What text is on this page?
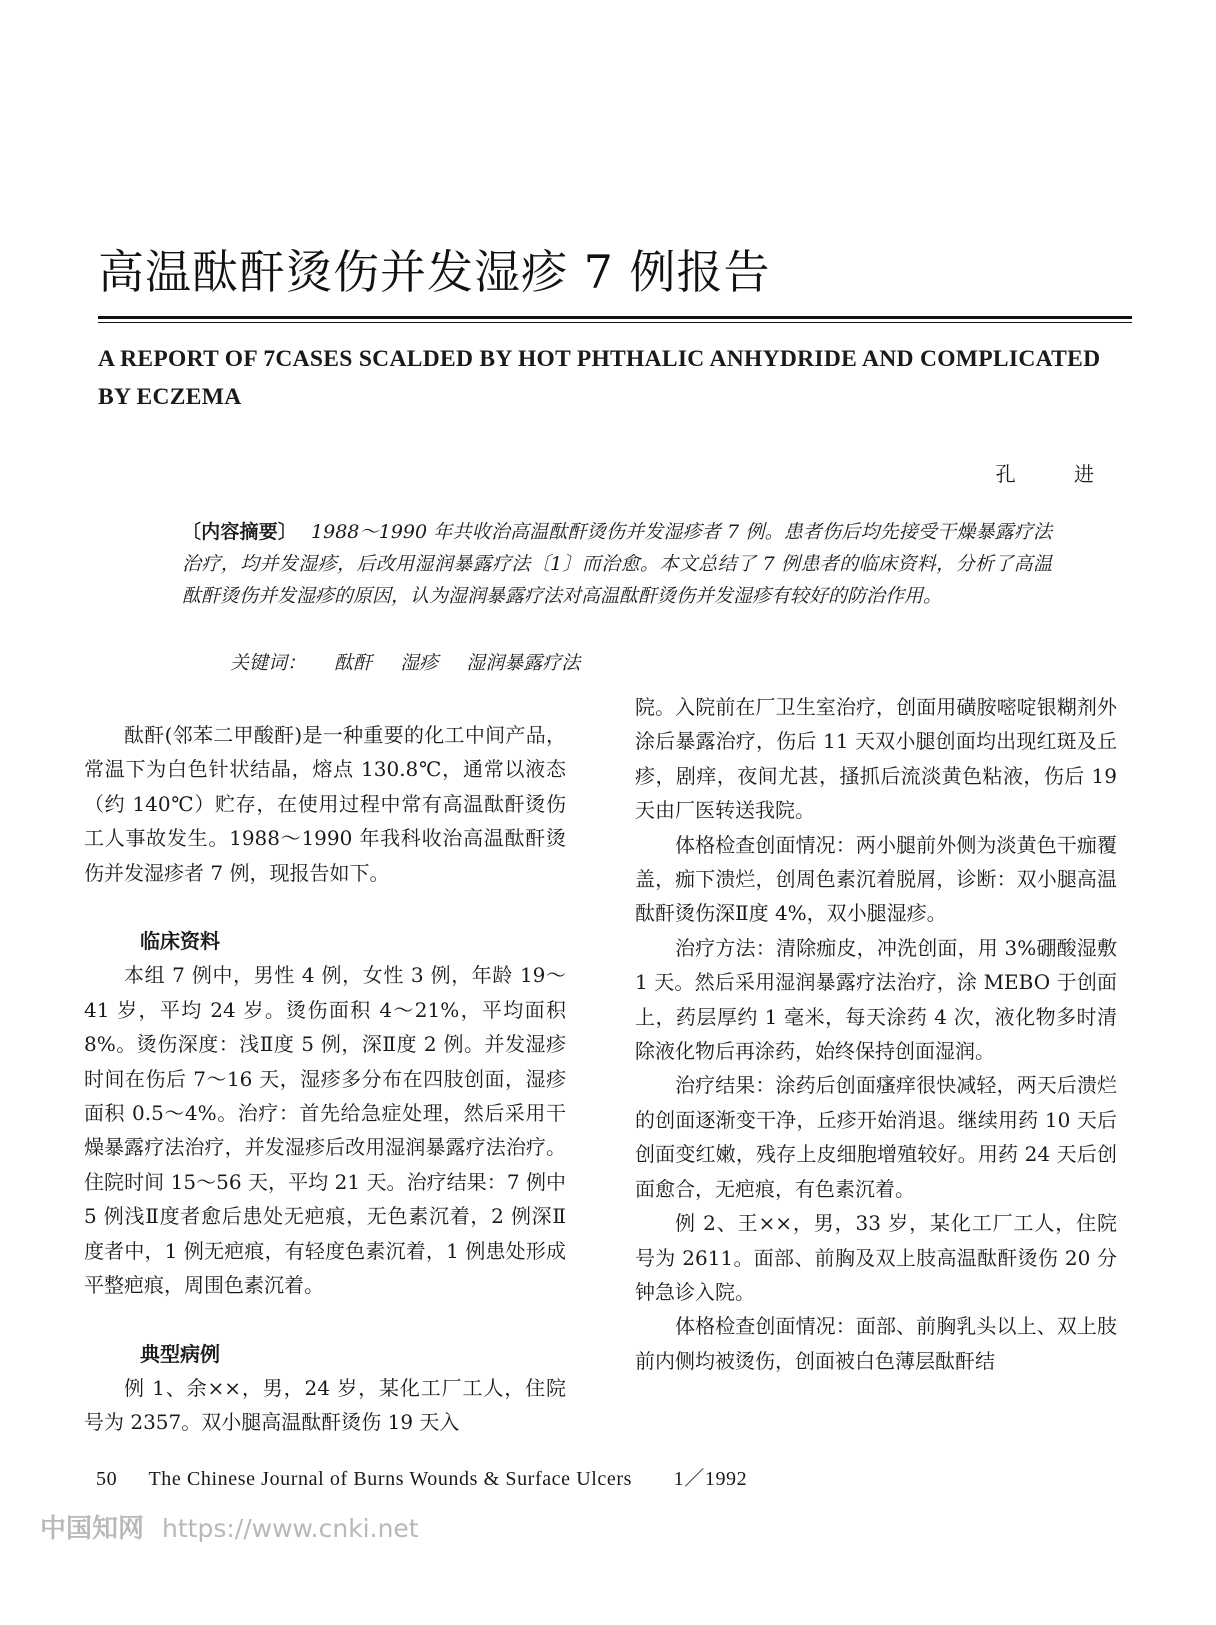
高温酞酐烫伤并发湿疹 7 例报告
A REPORT OF 7CASES SCALDED BY HOT PHTHALIC ANHYDRIDE AND COMPLICATED BY ECZEMA
孔 进
〔内容摘要〕 1988～1990 年共收治高温酞酐烫伤并发湿疹者 7 例。患者伤后均先接受干燥暴露疗法治疗，均并发湿疹，后改用湿润暴露疗法〔1〕而治愈。本文总结了 7 例患者的临床资料，分析了高温酞酐烫伤并发湿疹的原因，认为湿润暴露疗法对高温酞酐烫伤并发湿疹有较好的防治作用。
关键词： 酞酐 湿疹 湿润暴露疗法

酞酐(邻苯二甲酸酐)是一种重要的化工中间产品，常温下为白色针状结晶，熔点 130.8℃，通常以液态（约 140℃）贮存，在使用过程中常有高温酞酐烫伤工人事故发生。1988～1990 年我科收治高温酞酐烫伤并发湿疹者 7 例，现报告如下。

临床资料

本组 7 例中，男性 4 例，女性 3 例，年龄 19～41 岁，平均 24 岁。烫伤面积 4～21%，平均面积 8%。烫伤深度：浅Ⅱ度 5 例，深Ⅱ度 2 例。并发湿疹时间在伤后 7～16 天，湿疹多分布在四肢创面，湿疹面积 0.5～4%。治疗：首先给急症处理，然后采用干燥暴露疗法治疗，并发湿疹后改用湿润暴露疗法治疗。住院时间 15～56 天，平均 21 天。治疗结果：7 例中 5 例浅Ⅱ度者愈后患处无疤痕，无色素沉着，2 例深Ⅱ度者中，1 例无疤痕，有轻度色素沉着，1 例患处形成平整疤痕，周围色素沉着。

典型病例

例 1、余××，男，24 岁，某化工厂工人，住院号为 2357。双小腿高温酞酐烫伤 19 天入

院。入院前在厂卫生室治疗，创面用磺胺嘧啶银糊剂外涂后暴露治疗，伤后 11 天双小腿创面均出现红斑及丘疹，剧痒，夜间尤甚，搔抓后流淡黄色粘液，伤后 19 天由厂医转送我院。

体格检查创面情况：两小腿前外侧为淡黄色干痂覆盖，痂下溃烂，创周色素沉着脱屑，诊断：双小腿高温酞酐烫伤深Ⅱ度 4%，双小腿湿疹。

治疗方法：清除痂皮，冲洗创面，用 3%硼酸湿敷 1 天。然后采用湿润暴露疗法治疗，涂 MEBO 于创面上，药层厚约 1 毫米，每天涂药 4 次，液化物多时清除液化物后再涂药，始终保持创面湿润。

治疗结果：涂药后创面瘙痒很快减轻，两天后溃烂的创面逐渐变干净，丘疹开始消退。继续用药 10 天后创面变红嫩，残存上皮细胞增殖较好。用药 24 天后创面愈合，无疤痕，有色素沉着。

例 2、王××，男，33 岁，某化工厂工人，住院号为 2611。面部、前胸及双上肢高温酞酐烫伤 20 分钟急诊入院。

体格检查创面情况：面部、前胸乳头以上、双上肢前内侧均被烫伤，创面被白色薄层酞酐结

50 The Chinese Journal of Burns Wounds & Surface Ulcers 1／1992
中国知网 https://www.cnki.net
